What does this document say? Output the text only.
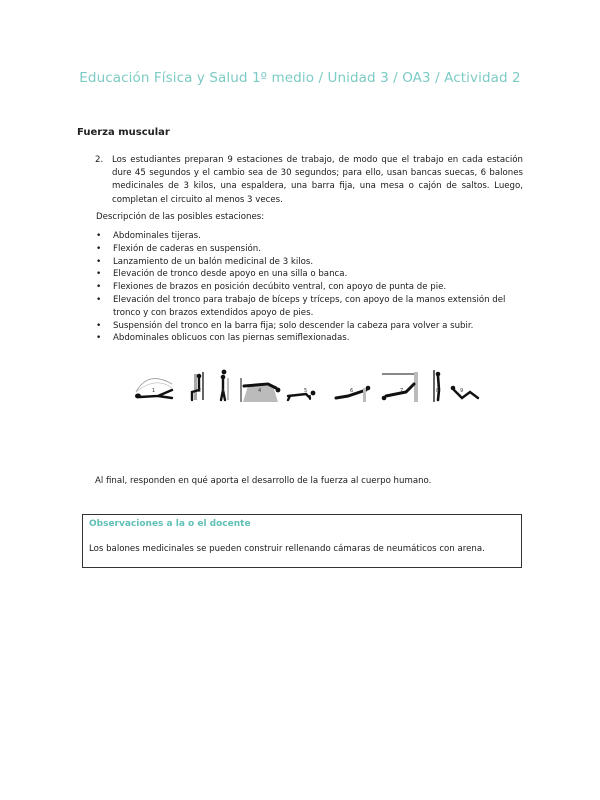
Educación Física y Salud 1º medio / Unidad 3 / OA3 / Actividad 2
Fuerza muscular
2.	Los estudiantes preparan 9 estaciones de trabajo, de modo que el trabajo en cada estación dure 45 segundos y el cambio sea de 30 segundos; para ello, usan bancas suecas, 6 balones medicinales de 3 kilos, una espaldera, una barra fija, una mesa o cajón de saltos. Luego, completan el circuito al menos 3 veces.
Descripción de las posibles estaciones:
• Abdominales tijeras.
• Flexión de caderas en suspensión.
• Lanzamiento de un balón medicinal de 3 kilos.
• Elevación de tronco desde apoyo en una silla o banca.
• Flexiones de brazos en posición decúbito ventral, con apoyo de punta de pie.
• Elevación del tronco para trabajo de bíceps y tríceps, con apoyo de la manos extensión del tronco y con brazos extendidos apoyo de pies.
• Suspensión del tronco en la barra fija; solo descender la cabeza para volver a subir.
• Abdominales oblicuos con las piernas semiflexionadas.
1	2	3	4	5	6	7	8	9
Al final, responden en qué aporta el desarrollo de la fuerza al cuerpo humano.
Observaciones a la o el docente
Los balones medicinales se pueden construir rellenando cámaras de neumáticos con arena.
